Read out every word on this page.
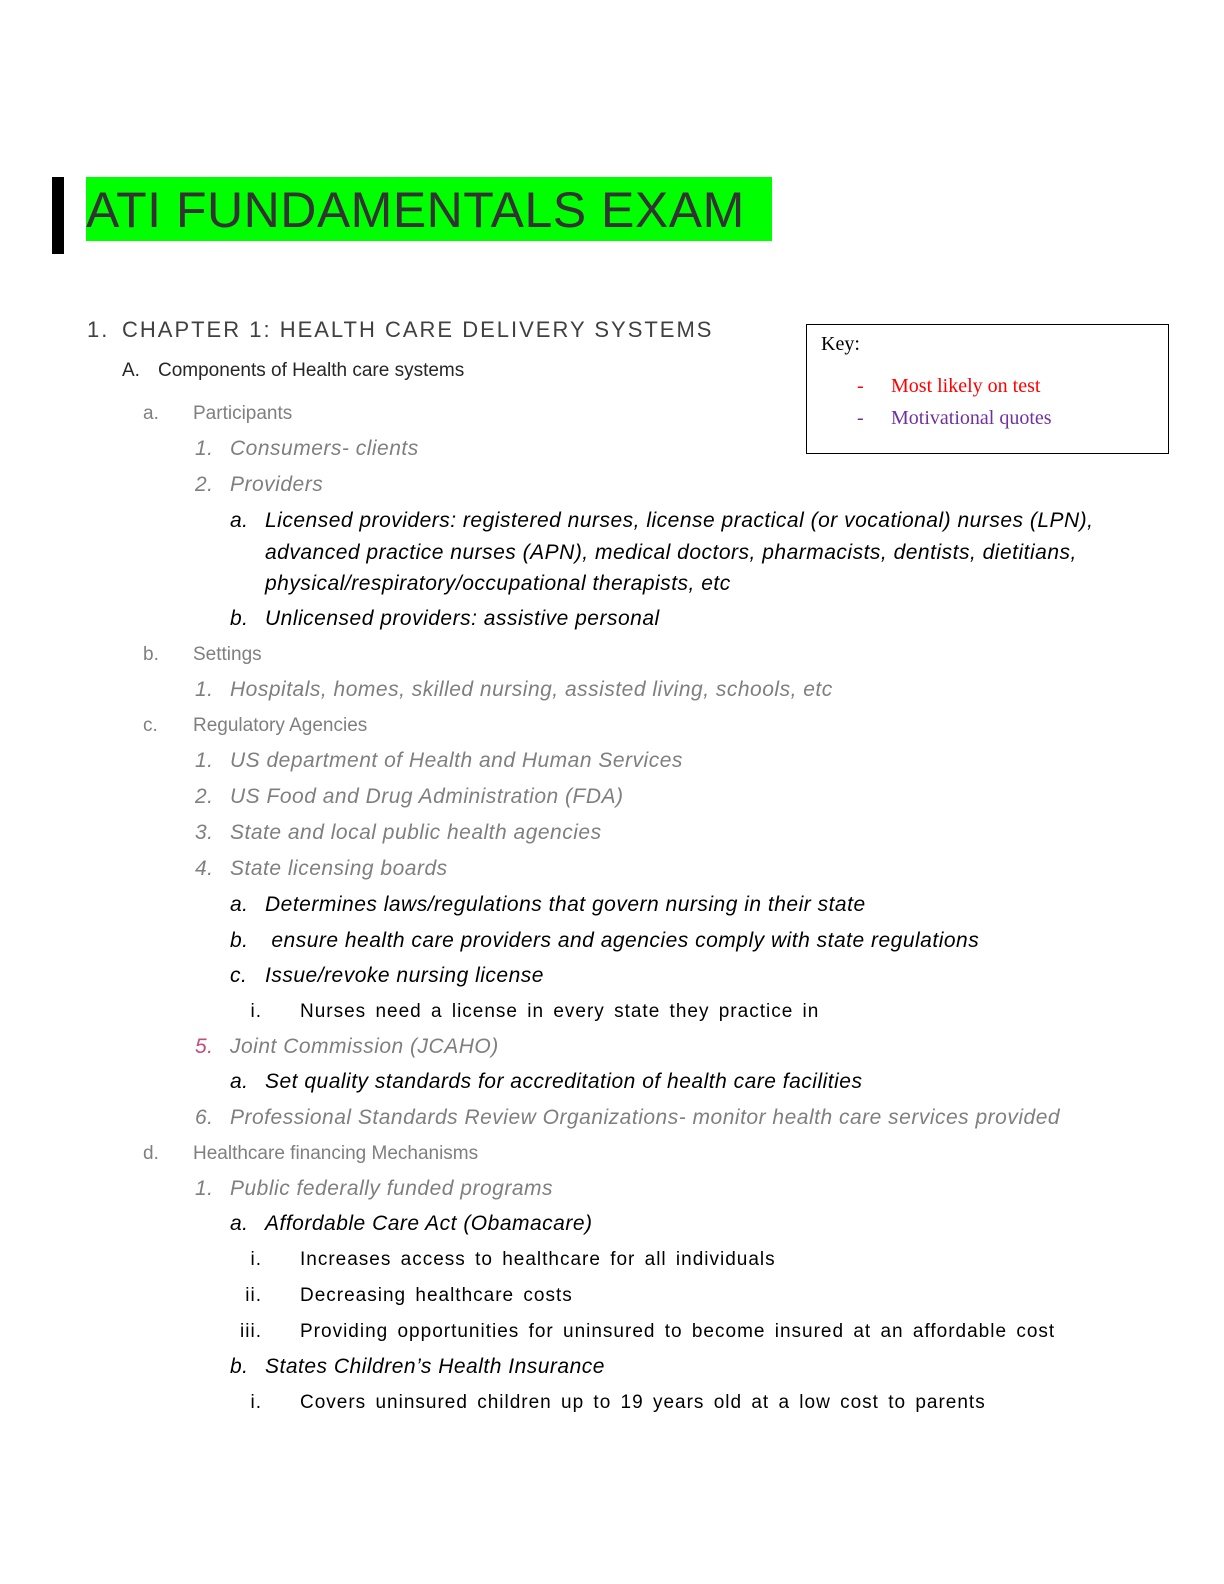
ATI FUNDAMENTALS EXAM
Key:
- Most likely on test
- Motivational quotes
1. CHAPTER 1: HEALTH CARE DELIVERY SYSTEMS
A. Components of Health care systems
a. Participants
1. Consumers- clients
2. Providers
a. Licensed providers: registered nurses, license practical (or vocational) nurses (LPN),
advanced practice nurses (APN), medical doctors, pharmacists, dentists, dietitians,
physical/respiratory/occupational therapists, etc
b. Unlicensed providers: assistive personal
b. Settings
1. Hospitals, homes, skilled nursing, assisted living, schools, etc
c. Regulatory Agencies
1. US department of Health and Human Services
2. US Food and Drug Administration (FDA)
3. State and local public health agencies
4. State licensing boards
a. Determines laws/regulations that govern nursing in their state
b. ensure health care providers and agencies comply with state regulations
c. Issue/revoke nursing license
i. Nurses need a license in every state they practice in
5. Joint Commission (JCAHO)
a. Set quality standards for accreditation of health care facilities
6. Professional Standards Review Organizations- monitor health care services provided
d. Healthcare financing Mechanisms
1. Public federally funded programs
a. Affordable Care Act (Obamacare)
i. Increases access to healthcare for all individuals
ii. Decreasing healthcare costs
iii. Providing opportunities for uninsured to become insured at an affordable cost
b. States Children’s Health Insurance
i. Covers uninsured children up to 19 years old at a low cost to parents
